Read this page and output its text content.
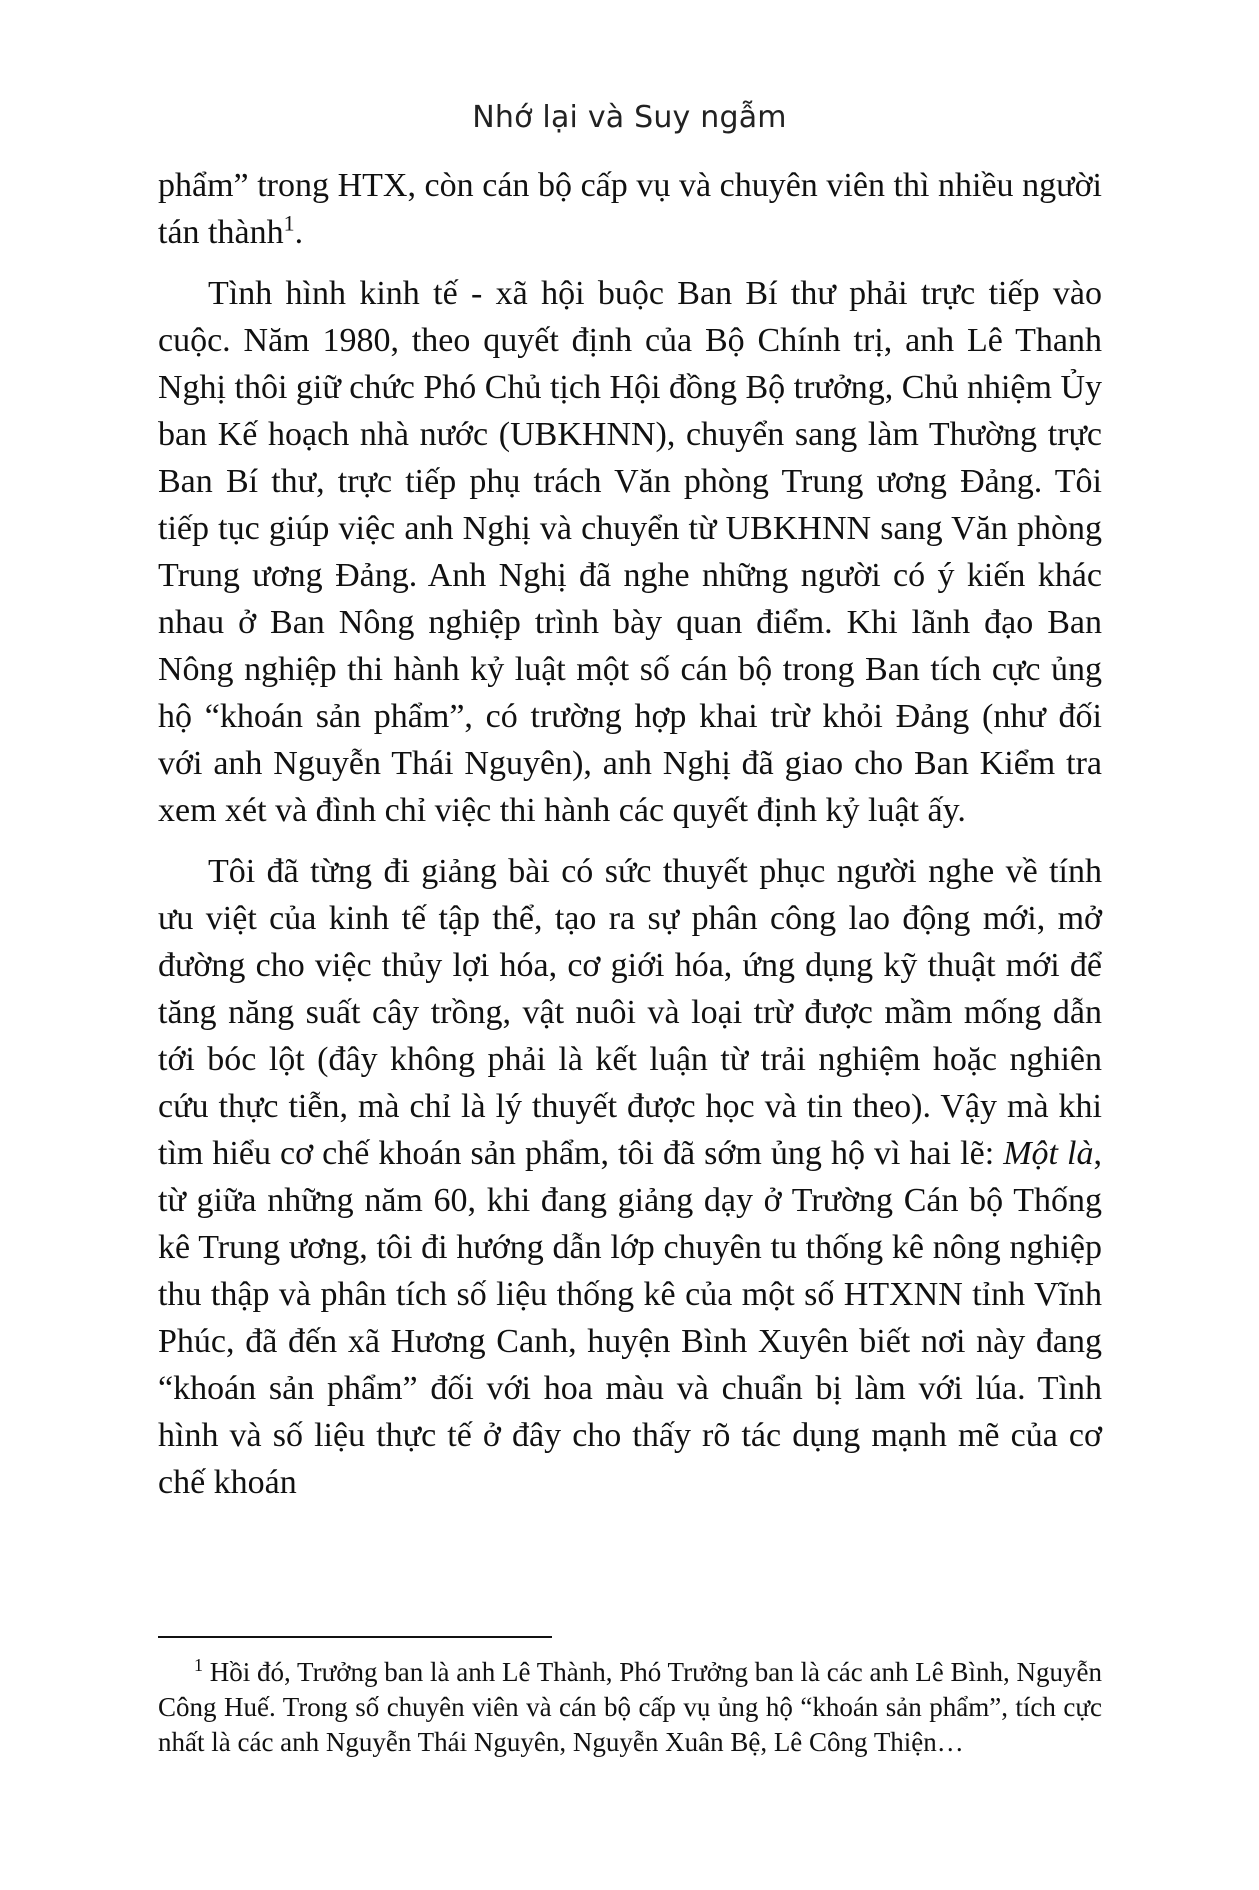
Nhớ lại và Suy ngẫm

phẩm” trong HTX, còn cán bộ cấp vụ và chuyên viên thì nhiều người tán thành$^1$.

Tình hình kinh tế - xã hội buộc Ban Bí thư phải trực tiếp vào cuộc. Năm 1980, theo quyết định của Bộ Chính trị, anh Lê Thanh Nghị thôi giữ chức Phó Chủ tịch Hội đồng Bộ trưởng, Chủ nhiệm Ủy ban Kế hoạch nhà nước (UBKHNN), chuyển sang làm Thường trực Ban Bí thư, trực tiếp phụ trách Văn phòng Trung ương Đảng. Tôi tiếp tục giúp việc anh Nghị và chuyển từ UBKHNN sang Văn phòng Trung ương Đảng. Anh Nghị đã nghe những người có ý kiến khác nhau ở Ban Nông nghiệp trình bày quan điểm. Khi lãnh đạo Ban Nông nghiệp thi hành kỷ luật một số cán bộ trong Ban tích cực ủng hộ “khoán sản phẩm”, có trường hợp khai trừ khỏi Đảng (như đối với anh Nguyễn Thái Nguyên), anh Nghị đã giao cho Ban Kiểm tra xem xét và đình chỉ việc thi hành các quyết định kỷ luật ấy.

Tôi đã từng đi giảng bài có sức thuyết phục người nghe về tính ưu việt của kinh tế tập thể, tạo ra sự phân công lao động mới, mở đường cho việc thủy lợi hóa, cơ giới hóa, ứng dụng kỹ thuật mới để tăng năng suất cây trồng, vật nuôi và loại trừ được mầm mống dẫn tới bóc lột (đây không phải là kết luận từ trải nghiệm hoặc nghiên cứu thực tiễn, mà chỉ là lý thuyết được học và tin theo). Vậy mà khi tìm hiểu cơ chế khoán sản phẩm, tôi đã sớm ủng hộ vì hai lẽ: Một là, từ giữa những năm 60, khi đang giảng dạy ở Trường Cán bộ Thống kê Trung ương, tôi đi hướng dẫn lớp chuyên tu thống kê nông nghiệp thu thập và phân tích số liệu thống kê của một số HTXNN tỉnh Vĩnh Phúc, đã đến xã Hương Canh, huyện Bình Xuyên biết nơi này đang “khoán sản phẩm” đối với hoa màu và chuẩn bị làm với lúa. Tình hình và số liệu thực tế ở đây cho thấy rõ tác dụng mạnh mẽ của cơ chế khoán

$^1$ Hồi đó, Trưởng ban là anh Lê Thành, Phó Trưởng ban là các anh Lê Bình, Nguyễn Công Huế. Trong số chuyên viên và cán bộ cấp vụ ủng hộ “khoán sản phẩm”, tích cực nhất là các anh Nguyễn Thái Nguyên, Nguyễn Xuân Bệ, Lê Công Thiện…
